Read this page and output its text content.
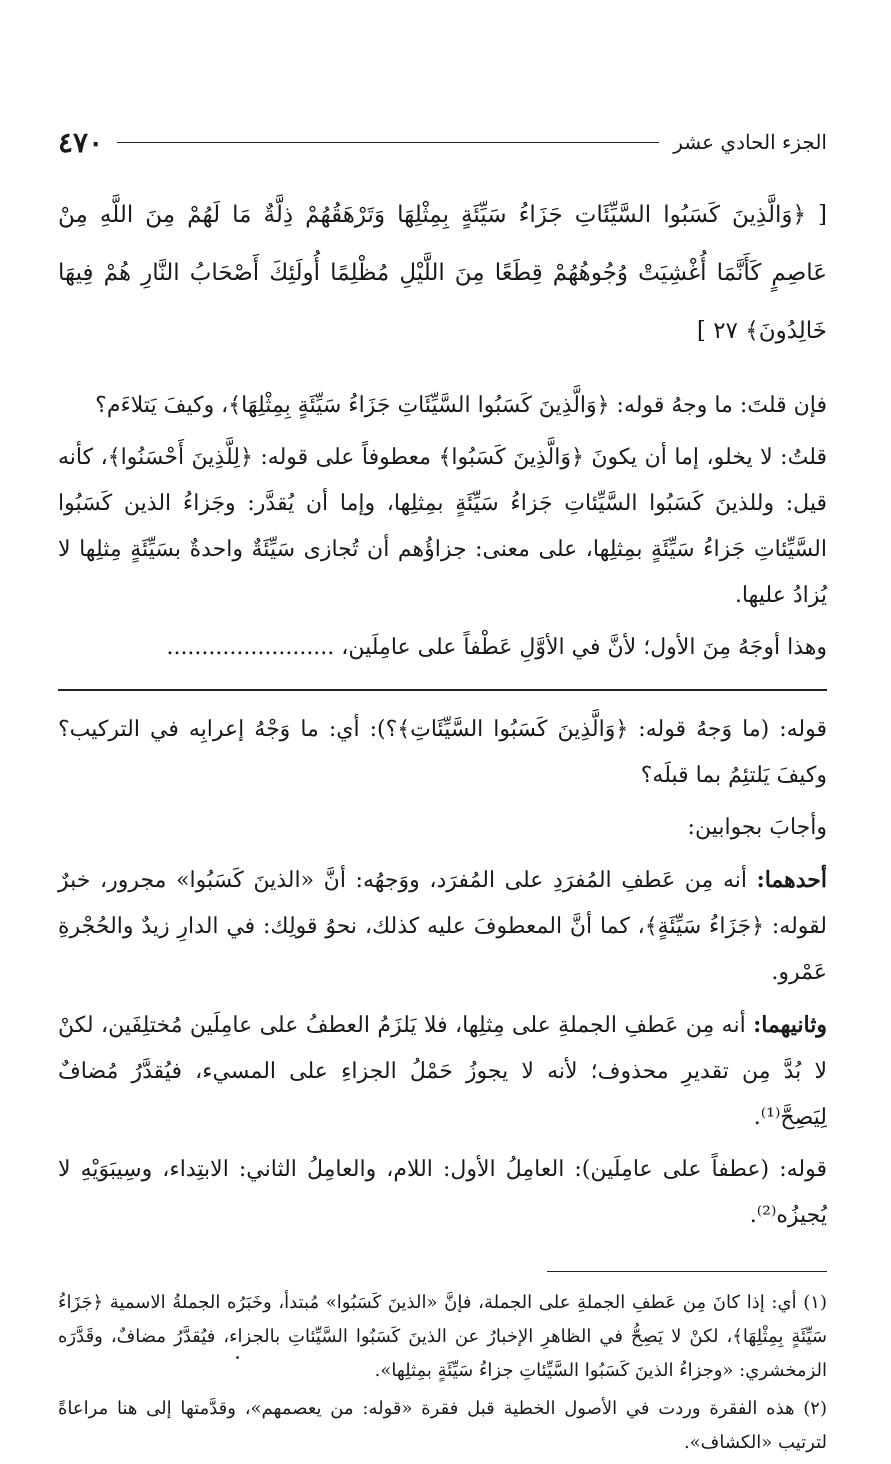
٤٧٠	الجزء الحادي عشر

[ ﴿وَالَّذِينَ كَسَبُوا السَّيِّئَاتِ جَزَاءُ سَيِّئَةٍ بِمِثْلِهَا وَتَرْهَقُهُمْ ذِلَّةٌ مَا لَهُمْ مِنَ اللَّهِ مِنْ عَاصِمٍ كَأَنَّمَا أُغْشِيَتْ وُجُوهُهُمْ قِطَعًا مِنَ اللَّيْلِ مُظْلِمًا أُولَئِكَ أَصْحَابُ النَّارِ هُمْ فِيهَا خَالِدُونَ﴾ ٢٧ ]

فإن قلتَ: ما وجهُ قوله: ﴿وَالَّذِينَ كَسَبُوا السَّيِّئَاتِ جَزَاءُ سَيِّئَةٍ بِمِثْلِهَا﴾، وكيفَ يَتلاءَم؟

قلتُ: لا يخلو، إما أن يكونَ ﴿وَالَّذِينَ كَسَبُوا﴾ معطوفاً على قوله: ﴿لِلَّذِينَ أَحْسَنُوا﴾، كأنه قيل: وللذينَ كَسَبُوا السَّيِّئاتِ جَزاءُ سَيِّئَةٍ بمِثلِها، وإما أن يُقدَّر: وجَزاءُ الذين كَسَبُوا السَّيِّئاتِ جَزاءُ سَيِّئَةٍ بمِثلِها، على معنى: جزاؤُهم أن تُجازى سَيِّئَةٌ واحدةٌ بسَيِّئَةٍ مِثلِها لا يُزادُ عليها.

وهذا أوجَهُ مِنَ الأول؛ لأنَّ في الأوَّلِ عَطْفاً على عامِلَين، ........................

قوله: (ما وَجهُ قوله: ﴿وَالَّذِينَ كَسَبُوا السَّيِّئَاتِ﴾؟): أي: ما وَجْهُ إعرابِه في التركيب؟ وكيفَ يَلتئِمُ بما قبلَه؟

وأجابَ بجوابين:

أحدهما: أنه مِن عَطفِ المُفرَدِ على المُفرَد، ووَجهُه: أنَّ «الذينَ كَسَبُوا» مجرور، خبرٌ لقوله: ﴿جَزَاءُ سَيِّئَةٍ﴾، كما أنَّ المعطوفَ عليه كذلك، نحوُ قولِك: في الدارِ زيدٌ والحُجْرةِ عَمْرو.

وثانيهما: أنه مِن عَطفِ الجملةِ على مِثلِها، فلا يَلزَمُ العطفُ على عامِلَين مُختلِفَين، لكنْ لا بُدَّ مِن تقديرِ محذوف؛ لأنه لا يجوزُ حَمْلُ الجزاءِ على المسيء، فيُقدَّرُ مُضافٌ لِيَصِحَّ⁽¹⁾.

قوله: (عطفاً على عامِلَين): العامِلُ الأول: اللام، والعامِلُ الثاني: الابتِداء، وسِيبَوَيْهِ لا يُجيزُه⁽²⁾.

(١) أي: إذا كانَ مِن عَطفِ الجملةِ على الجملة، فإنَّ «الذينَ كَسَبُوا» مُبتدأ، وخَبَرُه الجملةُ الاسمية ﴿جَزَاءُ سَيِّئَةٍ بِمِثْلِهَا﴾، لكنْ لا يَصِحُّ في الظاهرِ الإخبارُ عن الذينَ كَسَبُوا السَّيِّئاتِ بالجزاء، فيُقدَّرُ مضافٌ، وقَدَّرَه الزمخشري: «وجزاءُ الذينَ كَسَبُوا السَّيِّئاتِ جزاءُ سَيِّئَةٍ بمِثلِها».

(٢) هذه الفقرة وردت في الأصول الخطية قبل فقرة «قوله: من يعصمهم»، وقدَّمتها إلى هنا مراعاةً لترتيب «الكشاف».
